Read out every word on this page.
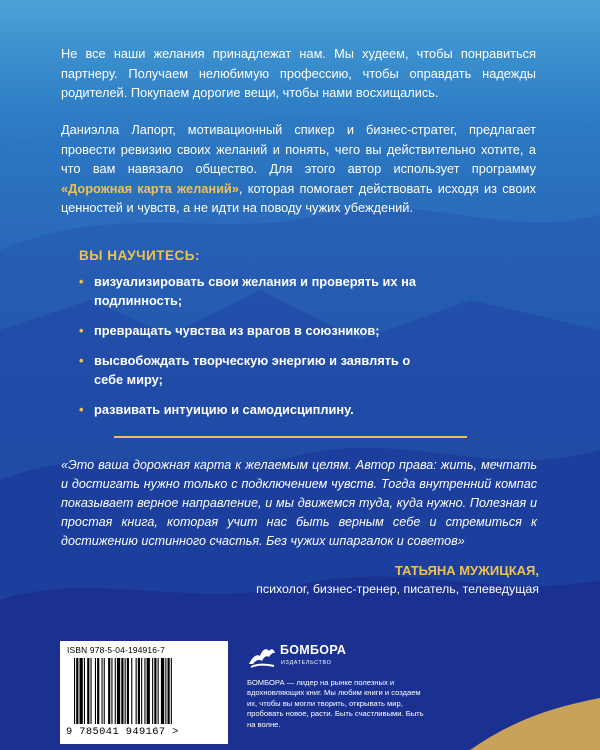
Не все наши желания принадлежат нам. Мы худеем, чтобы понравиться партнеру. Получаем нелюбимую профессию, чтобы оправдать надежды родителей. Покупаем дорогие вещи, чтобы нами восхищались.

Даниэлла Лапорт, мотивационный спикер и бизнес-стратег, предлагает провести ревизию своих желаний и понять, чего вы действительно хотите, а что вам навязало общество. Для этого автор использует программу «Дорожная карта желаний», которая помогает действовать исходя из своих ценностей и чувств, а не идти на поводу чужих убеждений.

ВЫ НАУЧИТЕСЬ:

• визуализировать свои желания и проверять их на подлинность;
• превращать чувства из врагов в союзников;
• высвобождать творческую энергию и заявлять о себе миру;
• развивать интуицию и самодисциплину.

«Это ваша дорожная карта к желаемым целям. Автор права: жить, мечтать и достигать нужно только с подключением чувств. Тогда внутренний компас показывает верное направление, и мы движемся туда, куда нужно. Полезная и простая книга, которая учит нас быть верным себе и стремиться к достижению истинного счастья. Без чужих шпаргалок и советов»

ТАТЬЯНА МУЖИЦКАЯ,

психолог, бизнес-тренер, писатель, телеведущая

ISBN 978-5-04-194916-7
9 785041 949167 >

БОМБОРА

ИЗДАТЕЛЬСТВО

БОМБОРА — лидер на рынке полезных и вдохновляющих книг. Мы любим книги и создаем их, чтобы вы могли творить, открывать мир, пробовать новое, расти. Быть счастливыми. Быть на волне.
